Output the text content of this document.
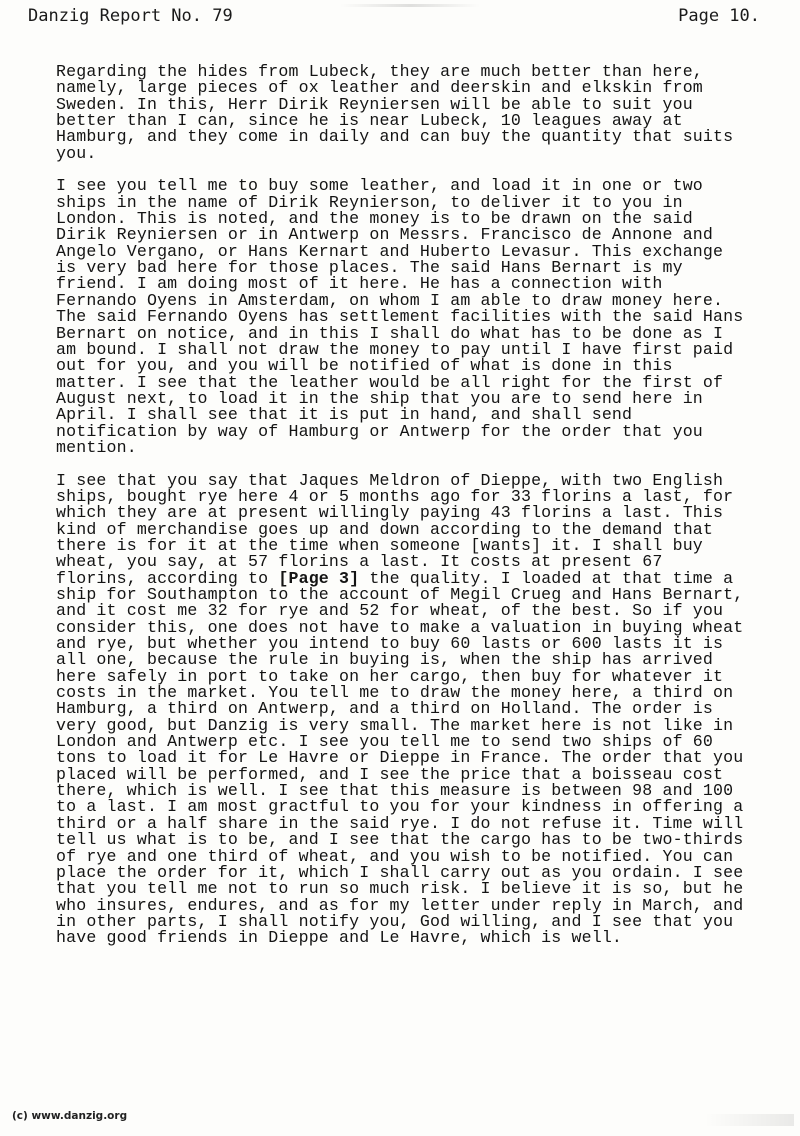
Danzig Report No. 79	Page 10.

Regarding the hides from Lubeck, they are much better than here, namely, large pieces of ox leather and deerskin and elkskin from Sweden. In this, Herr Dirik Reyniersen will be able to suit you better than I can, since he is near Lubeck, 10 leagues away at Hamburg, and they come in daily and can buy the quantity that suits you.

I see you tell me to buy some leather, and load it in one or two ships in the name of Dirik Reynierson, to deliver it to you in London. This is noted, and the money is to be drawn on the said Dirik Reyniersen or in Antwerp on Messrs. Francisco de Annone and Angelo Vergano, or Hans Kernart and Huberto Levasur. This exchange is very bad here for those places. The said Hans Bernart is my friend. I am doing most of it here. He has a connection with Fernando Oyens in Amsterdam, on whom I am able to draw money here. The said Fernando Oyens has settlement facilities with the said Hans Bernart on notice, and in this I shall do what has to be done as I am bound. I shall not draw the money to pay until I have first paid out for you, and you will be notified of what is done in this matter. I see that the leather would be all right for the first of August next, to load it in the ship that you are to send here in April. I shall see that it is put in hand, and shall send notification by way of Hamburg or Antwerp for the order that you mention.

I see that you say that Jaques Meldron of Dieppe, with two English ships, bought rye here 4 or 5 months ago for 33 florins a last, for which they are at present willingly paying 43 florins a last. This kind of merchandise goes up and down according to the demand that there is for it at the time when someone [wants] it. I shall buy wheat, you say, at 57 florins a last. It costs at present 67 florins, according to [Page 3] the quality. I loaded at that time a ship for Southampton to the account of Megil Crueg and Hans Bernart, and it cost me 32 for rye and 52 for wheat, of the best. So if you consider this, one does not have to make a valuation in buying wheat and rye, but whether you intend to buy 60 lasts or 600 lasts it is all one, because the rule in buying is, when the ship has arrived here safely in port to take on her cargo, then buy for whatever it costs in the market. You tell me to draw the money here, a third on Hamburg, a third on Antwerp, and a third on Holland. The order is very good, but Danzig is very small. The market here is not like in London and Antwerp etc. I see you tell me to send two ships of 60 tons to load it for Le Havre or Dieppe in France. The order that you placed will be performed, and I see the price that a boisseau cost there, which is well. I see that this measure is between 98 and 100 to a last. I am most gractful to you for your kindness in offering a third or a half share in the said rye. I do not refuse it. Time will tell us what is to be, and I see that the cargo has to be two-thirds of rye and one third of wheat, and you wish to be notified. You can place the order for it, which I shall carry out as you ordain. I see that you tell me not to run so much risk. I believe it is so, but he who insures, endures, and as for my letter under reply in March, and in other parts, I shall notify you, God willing, and I see that you have good friends in Dieppe and Le Havre, which is well.

(c) www.danzig.org
